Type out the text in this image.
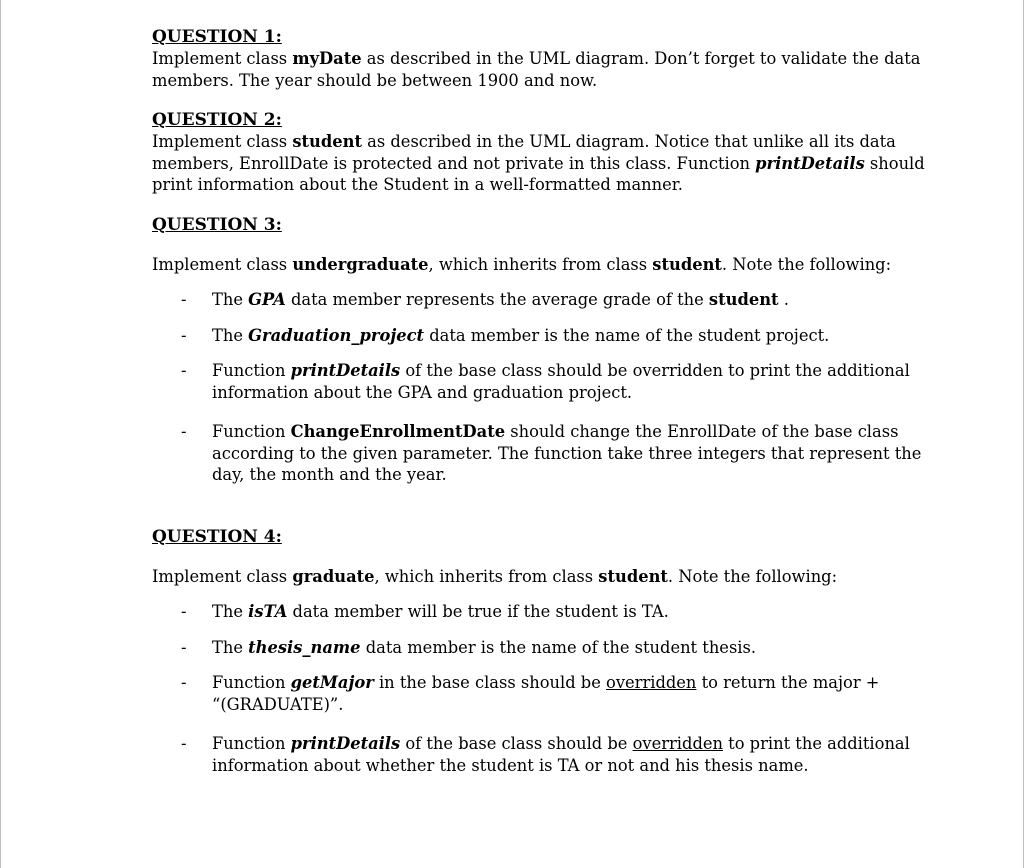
QUESTION 1:

Implement class myDate as described in the UML diagram. Don’t forget to validate the data members. The year should be between 1900 and now.

QUESTION 2:

Implement class student as described in the UML diagram. Notice that unlike all its data members, EnrollDate is protected and not private in this class. Function printDetails should print information about the Student in a well-formatted manner.

QUESTION 3:

Implement class undergraduate, which inherits from class student. Note the following:

- The GPA data member represents the average grade of the student .
- The Graduation_project data member is the name of the student project.
- Function printDetails of the base class should be overridden to print the additional information about the GPA and graduation project.
- Function ChangeEnrollmentDate should change the EnrollDate of the base class according to the given parameter. The function take three integers that represent the day, the month and the year.

QUESTION 4:

Implement class graduate, which inherits from class student. Note the following:

- The isTA data member will be true if the student is TA.
- The thesis_name data member is the name of the student thesis.
- Function getMajor in the base class should be overridden to return the major + “(GRADUATE)”.
- Function printDetails of the base class should be overridden to print the additional information about whether the student is TA or not and his thesis name.
